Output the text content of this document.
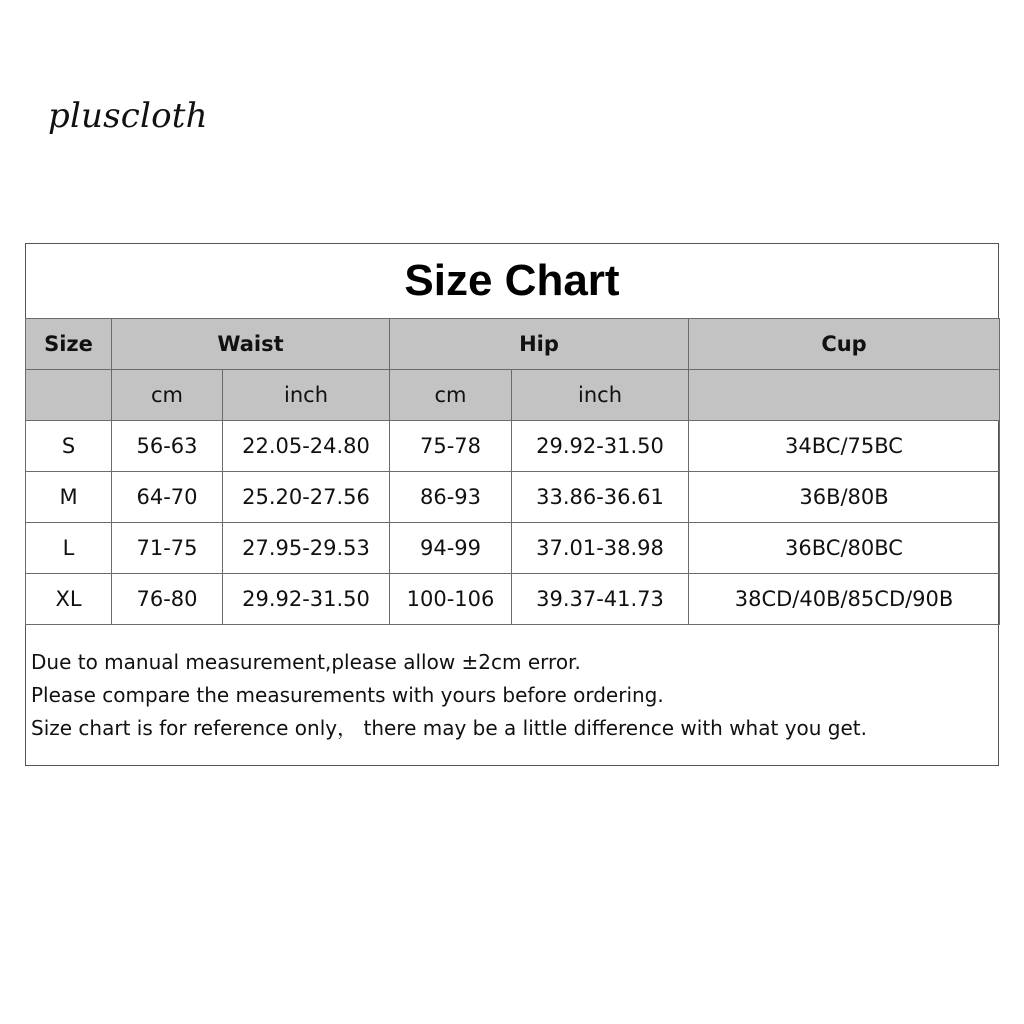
pluscloth
Size Chart
Size	Waist		Hip		Cup
	cm	inch	cm	inch	
S	56-63	22.05-24.80	75-78	29.92-31.50	34BC/75BC
M	64-70	25.20-27.56	86-93	33.86-36.61	36B/80B
L	71-75	27.95-29.53	94-99	37.01-38.98	36BC/80BC
XL	76-80	29.92-31.50	100-106	39.37-41.73	38CD/40B/85CD/90B
Due to manual measurement,please allow ±2cm error.
Please compare the measurements with yours before ordering.
Size chart is for reference only， there may be a little difference with what you get.
